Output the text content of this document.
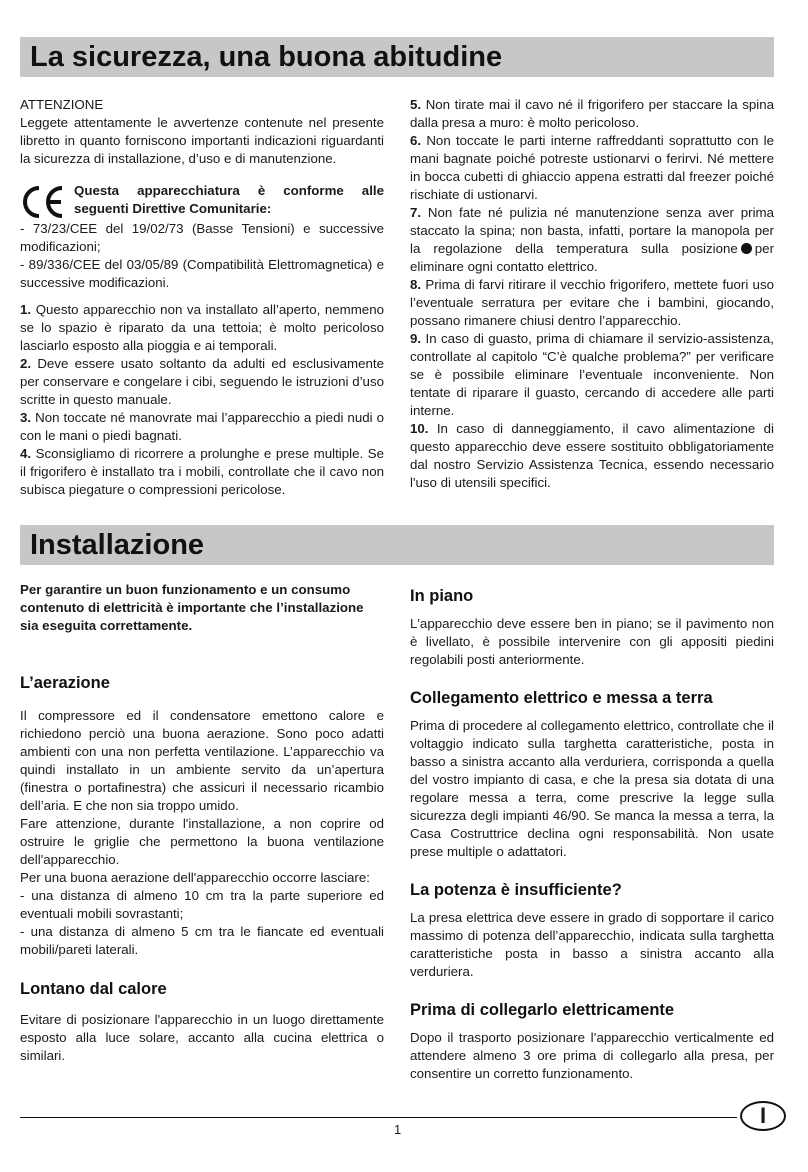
La sicurezza, una buona abitudine

ATTENZIONE

Leggete attentamente le avvertenze contenute nel presente libretto in quanto forniscono importanti indicazioni riguardanti la sicurezza di installazione, d’uso e di manutenzione.

Questa apparecchiatura è conforme alle seguenti Direttive Comunitarie:

- 73/23/CEE del 19/02/73 (Basse Tensioni) e successive modificazioni;

- 89/336/CEE del 03/05/89 (Compatibilità Elettromagnetica) e successive modificazioni.

1. Questo apparecchio non va installato all’aperto, nemmeno se lo spazio è riparato da una tettoia; è molto pericoloso lasciarlo esposto alla pioggia e ai temporali.

2. Deve essere usato soltanto da adulti ed esclusivamente per conservare e congelare i cibi, seguendo le istruzioni d’uso scritte in questo manuale.

3. Non toccate né manovrate mai l’apparecchio a piedi nudi o con le mani o piedi bagnati.

4. Sconsigliamo di ricorrere a prolunghe e prese multiple. Se il frigorifero è installato tra i mobili, controllate che il cavo non subisca piegature o compressioni pericolose.

5. Non tirate mai il cavo né il frigorifero per staccare la spina dalla presa a muro: è molto pericoloso.

6. Non toccate le parti interne raffreddanti soprattutto con le mani bagnate poiché potreste ustionarvi o ferirvi. Né mettere in bocca cubetti di ghiaccio appena estratti dal freezer poiché rischiate di ustionarvi.

7. Non fate né pulizia né manutenzione senza aver prima staccato la spina; non basta, infatti, portare la manopola per la regolazione della temperatura sulla posizione per eliminare ogni contatto elettrico.

8. Prima di farvi ritirare il vecchio frigorifero, mettete fuori uso l’eventuale serratura per evitare che i bambini, giocando, possano rimanere chiusi dentro l’apparecchio.

9. In caso di guasto, prima di chiamare il servizio-assistenza, controllate al capitolo “C’è qualche problema?” per verificare se è possibile eliminare l’eventuale inconveniente. Non tentate di riparare il guasto, cercando di accedere alle parti interne.

10. In caso di danneggiamento, il cavo alimentazione di questo apparecchio deve essere sostituito obbligatoriamente dal nostro Servizio Assistenza Tecnica, essendo necessario l'uso di utensili specifici.

Installazione

Per garantire un buon funzionamento e un consumo contenuto di elettricità è importante che l’installazione sia eseguita correttamente.

L’aerazione

Il compressore ed il condensatore emettono calore e richiedono perciò una buona aerazione. Sono poco adatti ambienti con una non perfetta ventilazione. L’apparecchio va quindi installato in un ambiente servito da un’apertura (finestra o portafinestra) che assicuri il necessario ricambio dell’aria. E che non sia troppo umido.

Fare attenzione, durante l'installazione, a non coprire od ostruire le griglie che permettono la buona ventilazione dell'apparecchio.

Per una buona aerazione dell'apparecchio occorre lasciare:

- una distanza di almeno 10 cm tra la parte superiore ed eventuali mobili sovrastanti;

- una distanza di almeno 5 cm tra le fiancate ed eventuali mobili/pareti laterali.

Lontano dal calore

Evitare di posizionare l'apparecchio in un luogo direttamente esposto alla luce solare, accanto alla cucina elettrica o similari.

In piano

L'apparecchio deve essere ben in piano; se il pavimento non è livellato, è possibile intervenire con gli appositi piedini regolabili posti anteriormente.

Collegamento elettrico e messa a terra

Prima di procedere al collegamento elettrico, controllate che il voltaggio indicato sulla targhetta caratteristiche, posta in basso a sinistra accanto alla verduriera, corrisponda a quella del vostro impianto di casa, e che la presa sia dotata di una regolare messa a terra, come prescrive la legge sulla sicurezza degli impianti 46/90. Se manca la messa a terra, la Casa Costruttrice declina ogni responsabilità. Non usate prese multiple o adattatori.

La potenza è insufficiente?

La presa elettrica deve essere in grado di sopportare il carico massimo di potenza dell’apparecchio, indicata sulla targhetta caratteristiche posta in basso a sinistra accanto alla verduriera.

Prima di collegarlo elettricamente

Dopo il trasporto posizionare l’apparecchio verticalmente ed attendere almeno 3 ore prima di collegarlo alla presa, per consentire un corretto funzionamento.

1
I
